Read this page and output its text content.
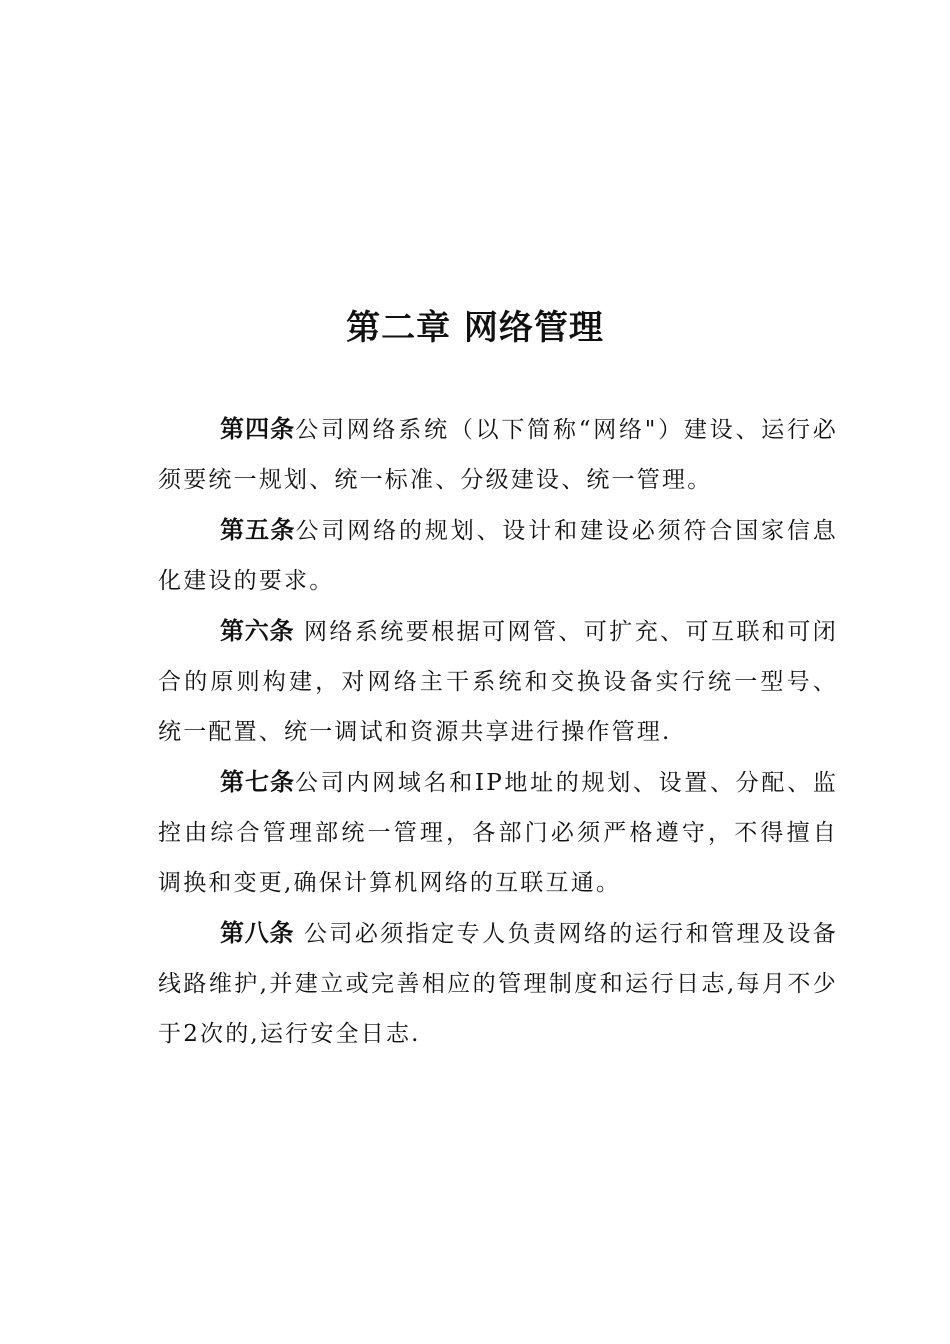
第二章 网络管理

第四条公司网络系统（以下简称“网络"）建设、运行必须要统一规划、统一标准、分级建设、统一管理。

第五条公司网络的规划、设计和建设必须符合国家信息化建设的要求。

第六条 网络系统要根据可网管、可扩充、可互联和可闭合的原则构建，对网络主干系统和交换设备实行统一型号、统一配置、统一调试和资源共享进行操作管理.

第七条公司内网域名和IP地址的规划、设置、分配、监控由综合管理部统一管理，各部门必须严格遵守，不得擅自调换和变更,确保计算机网络的互联互通。

第八条 公司必须指定专人负责网络的运行和管理及设备线路维护,并建立或完善相应的管理制度和运行日志,每月不少于2次的,运行安全日志.
